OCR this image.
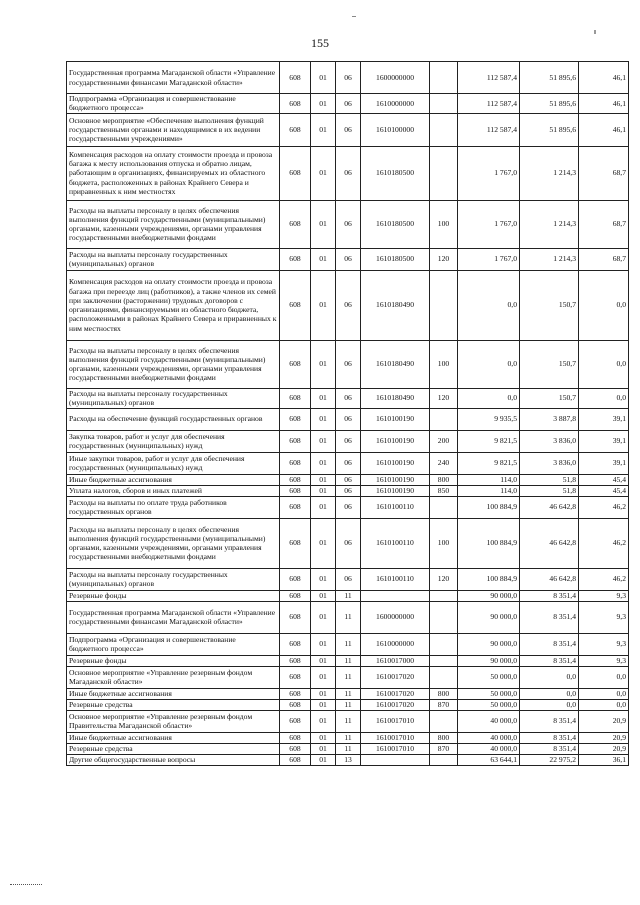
155
Государственная программа Магаданской области «Управление государственными финансами Магаданской области»	608	01	06	1600000000		112 587,4	51 895,6	46,1
Подпрограмма «Организация и совершенствование бюджетного процесса»	608	01	06	1610000000		112 587,4	51 895,6	46,1
Основное мероприятие «Обеспечение выполнения функций государственными органами и находящимися в их ведении государственными учреждениями»	608	01	06	1610100000		112 587,4	51 895,6	46,1
Компенсация расходов на оплату стоимости проезда и провоза багажа к месту использования отпуска и обратно лицам, работающим в организациях, финансируемых из областного бюджета, расположенных в районах Крайнего Севера и приравненных к ним местностях	608	01	06	1610180500		1 767,0	1 214,3	68,7
Расходы на выплаты персоналу в целях обеспечения выполнения функций государственными (муниципальными) органами, казенными учреждениями, органами управления государственными внебюджетными фондами	608	01	06	1610180500	100	1 767,0	1 214,3	68,7
Расходы на выплаты персоналу государственных (муниципальных) органов	608	01	06	1610180500	120	1 767,0	1 214,3	68,7
Компенсация расходов на оплату стоимости проезда и провоза багажа при переезде лиц (работников), а также членов их семей при заключении (расторжении) трудовых договоров с организациями, финансируемыми из областного бюджета, расположенными в районах Крайнего Севера и приравненных к ним местностях	608	01	06	1610180490		0,0	150,7	0,0
Расходы на выплаты персоналу в целях обеспечения выполнения функций государственными (муниципальными) органами, казенными учреждениями, органами управления государственными внебюджетными фондами	608	01	06	1610180490	100	0,0	150,7	0,0
Расходы на выплаты персоналу государственных (муниципальных) органов	608	01	06	1610180490	120	0,0	150,7	0,0
Расходы на обеспечение функций государственных органов	608	01	06	1610100190		9 935,5	3 887,8	39,1
Закупка товаров, работ и услуг для обеспечения государственных (муниципальных) нужд	608	01	06	1610100190	200	9 821,5	3 836,0	39,1
Иные закупки товаров, работ и услуг для обеспечения государственных (муниципальных) нужд	608	01	06	1610100190	240	9 821,5	3 836,0	39,1
Иные бюджетные ассигнования	608	01	06	1610100190	800	114,0	51,8	45,4
Уплата налогов, сборов и иных платежей	608	01	06	1610100190	850	114,0	51,8	45,4
Расходы на выплаты по оплате труда работников государственных органов	608	01	06	1610100110		100 884,9	46 642,8	46,2
Расходы на выплаты персоналу в целях обеспечения выполнения функций государственными (муниципальными) органами, казенными учреждениями, органами управления государственными внебюджетными фондами	608	01	06	1610100110	100	100 884,9	46 642,8	46,2
Расходы на выплаты персоналу государственных (муниципальных) органов	608	01	06	1610100110	120	100 884,9	46 642,8	46,2
Резервные фонды	608	01	11			90 000,0	8 351,4	9,3
Государственная программа Магаданской области «Управление государственными финансами Магаданской области»	608	01	11	1600000000		90 000,0	8 351,4	9,3
Подпрограмма «Организация и совершенствование бюджетного процесса»	608	01	11	1610000000		90 000,0	8 351,4	9,3
Резервные фонды	608	01	11	1610017000		90 000,0	8 351,4	9,3
Основное мероприятие «Управление резервным фондом Магаданской области»	608	01	11	1610017020		50 000,0	0,0	0,0
Иные бюджетные ассигнования	608	01	11	1610017020	800	50 000,0	0,0	0,0
Резервные средства	608	01	11	1610017020	870	50 000,0	0,0	0,0
Основное мероприятие «Управление резервным фондом Правительства Магаданской области»	608	01	11	1610017010		40 000,0	8 351,4	20,9
Иные бюджетные ассигнования	608	01	11	1610017010	800	40 000,0	8 351,4	20,9
Резервные средства	608	01	11	1610017010	870	40 000,0	8 351,4	20,9
Другие общегосударственные вопросы	608	01	13			63 644,1	22 975,2	36,1
